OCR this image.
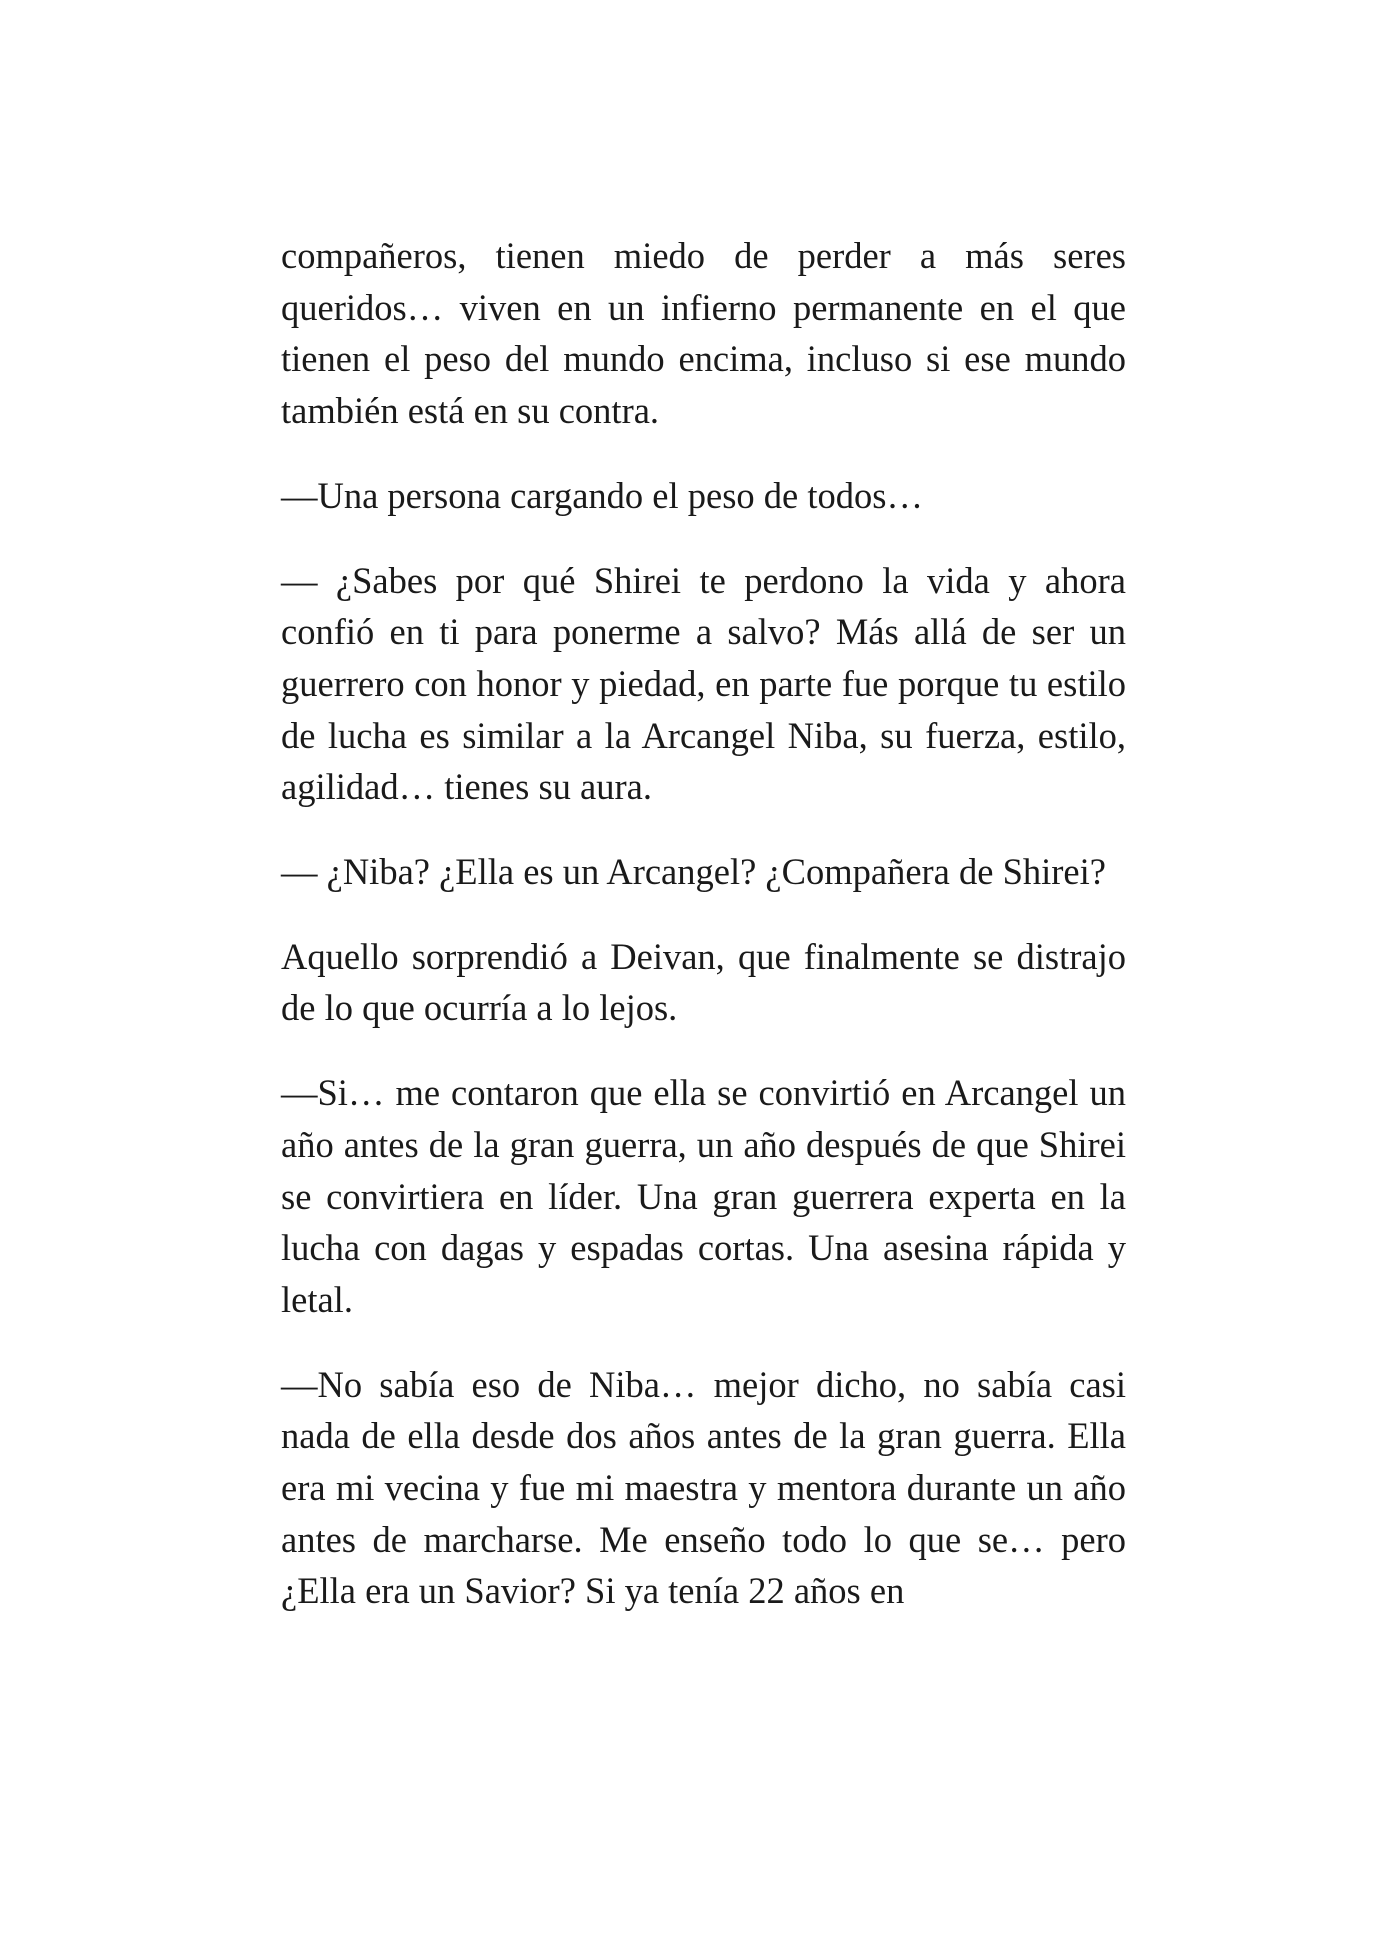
compañeros, tienen miedo de perder a más seres queridos… viven en un infierno permanente en el que tienen el peso del mundo encima, incluso si ese mundo también está en su contra.

—Una persona cargando el peso de todos…

— ¿Sabes por qué Shirei te perdono la vida y ahora confió en ti para ponerme a salvo? Más allá de ser un guerrero con honor y piedad, en parte fue porque tu estilo de lucha es similar a la Arcangel Niba, su fuerza, estilo, agilidad… tienes su aura.

— ¿Niba? ¿Ella es un Arcangel? ¿Compañera de Shirei?

Aquello sorprendió a Deivan, que finalmente se distrajo de lo que ocurría a lo lejos.

—Si… me contaron que ella se convirtió en Arcangel un año antes de la gran guerra, un año después de que Shirei se convirtiera en líder. Una gran guerrera experta en la lucha con dagas y espadas cortas. Una asesina rápida y letal.

—No sabía eso de Niba… mejor dicho, no sabía casi nada de ella desde dos años antes de la gran guerra. Ella era mi vecina y fue mi maestra y mentora durante un año antes de marcharse. Me enseño todo lo que se… pero ¿Ella era un Savior? Si ya tenía 22 años en
